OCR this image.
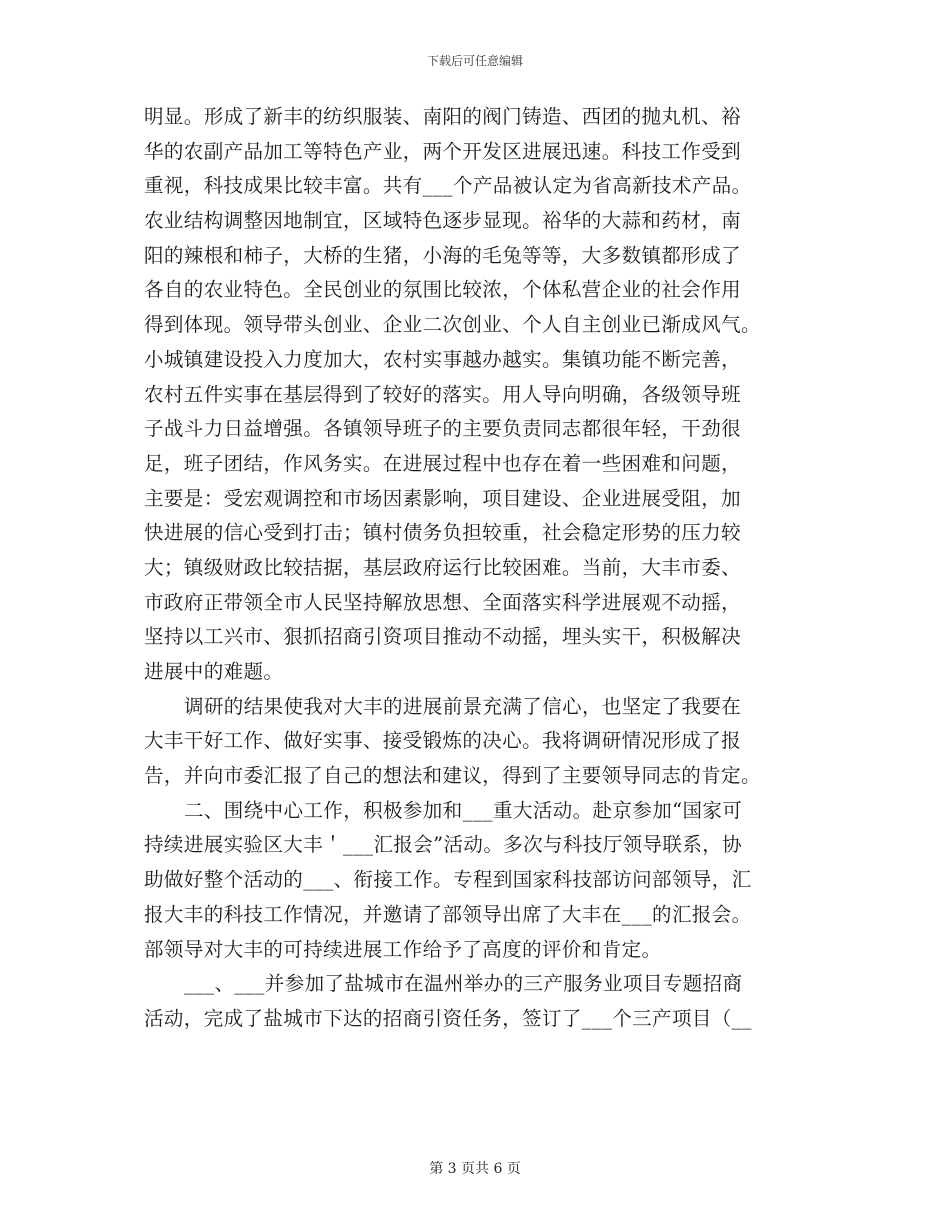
下载后可任意编辑
明显。形成了新丰的纺织服装、南阳的阀门铸造、西团的抛丸机、裕
华的农副产品加工等特色产业，两个开发区进展迅速。科技工作受到
重视，科技成果比较丰富。共有___个产品被认定为省高新技术产品。
农业结构调整因地制宜，区域特色逐步显现。裕华的大蒜和药材，南
阳的辣根和柿子，大桥的生猪，小海的毛兔等等，大多数镇都形成了
各自的农业特色。全民创业的氛围比较浓，个体私营企业的社会作用
得到体现。领导带头创业、企业二次创业、个人自主创业已渐成风气。
小城镇建设投入力度加大，农村实事越办越实。集镇功能不断完善，
农村五件实事在基层得到了较好的落实。用人导向明确，各级领导班
子战斗力日益增强。各镇领导班子的主要负责同志都很年轻，干劲很
足，班子团结，作风务实。在进展过程中也存在着一些困难和问题，
主要是：受宏观调控和市场因素影响，项目建设、企业进展受阻，加
快进展的信心受到打击；镇村债务负担较重，社会稳定形势的压力较
大；镇级财政比较拮据，基层政府运行比较困难。当前，大丰市委、
市政府正带领全市人民坚持解放思想、全面落实科学进展观不动摇，
坚持以工兴市、狠抓招商引资项目推动不动摇，埋头实干，积极解决
进展中的难题。
调研的结果使我对大丰的进展前景充满了信心，也坚定了我要在
大丰干好工作、做好实事、接受锻炼的决心。我将调研情况形成了报
告，并向市委汇报了自己的想法和建议，得到了主要领导同志的肯定。
二、围绕中心工作，积极参加和___重大活动。赴京参加“国家可
持续进展实验区大丰＇___汇报会”活动。多次与科技厅领导联系，协
助做好整个活动的___、衔接工作。专程到国家科技部访问部领导，汇
报大丰的科技工作情况，并邀请了部领导出席了大丰在___的汇报会。
部领导对大丰的可持续进展工作给予了高度的评价和肯定。
___、___并参加了盐城市在温州举办的三产服务业项目专题招商
活动，完成了盐城市下达的招商引资任务，签订了___个三产项目（__
第 3 页共 6 页
